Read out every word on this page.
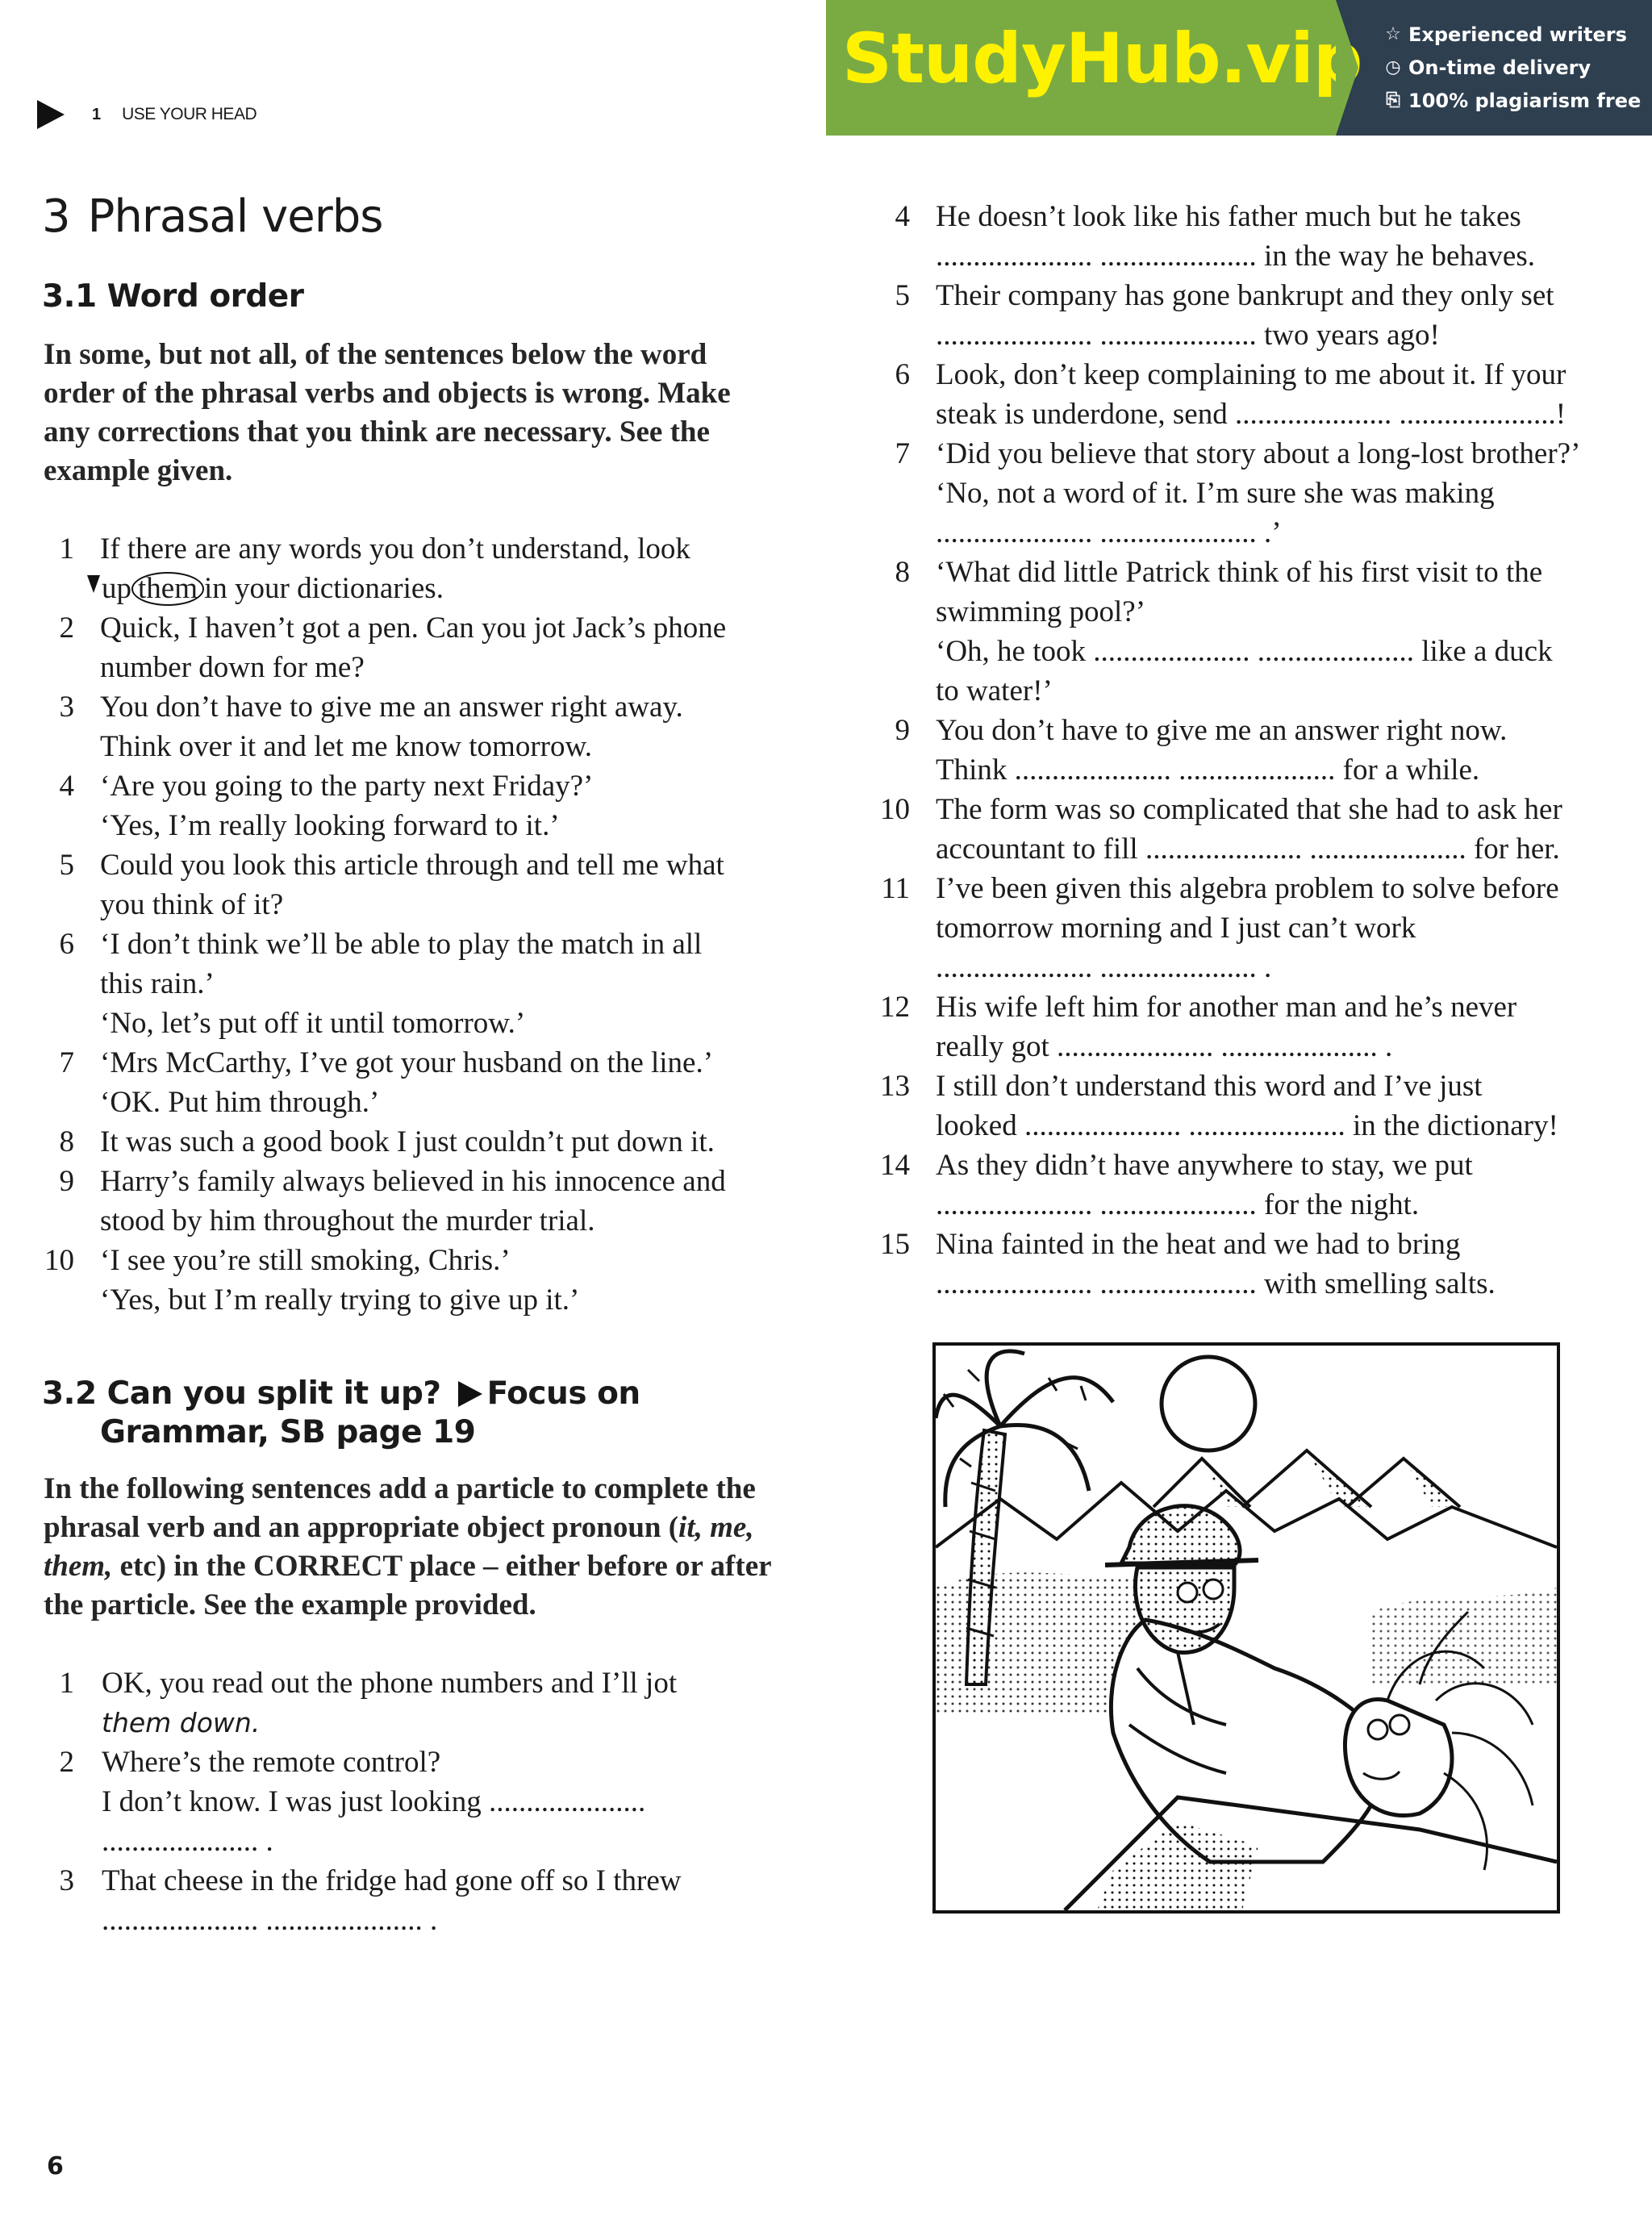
1 USE YOUR HEAD
StudyHub.vip ☆ Experienced writers
◷ On-time delivery
⎘ 100% plagiarism free
3 Phrasal verbs
3.1 Word order
In some, but not all, of the sentences below the word
order of the phrasal verbs and objects is wrong. Make
any corrections that you think are necessary. See the
example given.
1 If there are any words you don’t understand, look
up them in your dictionaries.
2 Quick, I haven’t got a pen. Can you jot Jack’s phone
number down for me?
3 You don’t have to give me an answer right away.
Think over it and let me know tomorrow.
4 ‘Are you going to the party next Friday?’
‘Yes, I’m really looking forward to it.’
5 Could you look this article through and tell me what
you think of it?
6 ‘I don’t think we’ll be able to play the match in all
this rain.’
‘No, let’s put off it until tomorrow.’
7 ‘Mrs McCarthy, I’ve got your husband on the line.’
‘OK. Put him through.’
8 It was such a good book I just couldn’t put down it.
9 Harry’s family always believed in his innocence and
stood by him throughout the murder trial.
10 ‘I see you’re still smoking, Chris.’
‘Yes, but I’m really trying to give up it.’
3.2 Can you split it up? Focus on
Grammar, SB page 19
In the following sentences add a particle to complete the
phrasal verb and an appropriate object pronoun (it, me,
them, etc) in the CORRECT place – either before or after
the particle. See the example provided.
1 OK, you read out the phone numbers and I’ll jot
them down.
2 Where’s the remote control?
I don’t know. I was just looking .....................
..................... .
3 That cheese in the fridge had gone off so I threw
..................... ..................... .
4 He doesn’t look like his father much but he takes
..................... ..................... in the way he behaves.
5 Their company has gone bankrupt and they only set
..................... ..................... two years ago!
6 Look, don’t keep complaining to me about it. If your
steak is underdone, send ..................... .....................!
7 ‘Did you believe that story about a long-lost brother?’
‘No, not a word of it. I’m sure she was making
..................... ..................... .’
8 ‘What did little Patrick think of his first visit to the
swimming pool?’
‘Oh, he took ..................... ..................... like a duck
to water!’
9 You don’t have to give me an answer right now.
Think ..................... ..................... for a while.
10 The form was so complicated that she had to ask her
accountant to fill ..................... ..................... for her.
11 I’ve been given this algebra problem to solve before
tomorrow morning and I just can’t work
..................... ..................... .
12 His wife left him for another man and he’s never
really got ..................... ..................... .
13 I still don’t understand this word and I’ve just
looked ..................... ..................... in the dictionary!
14 As they didn’t have anywhere to stay, we put
..................... ..................... for the night.
15 Nina fainted in the heat and we had to bring
..................... ..................... with smelling salts.
6
